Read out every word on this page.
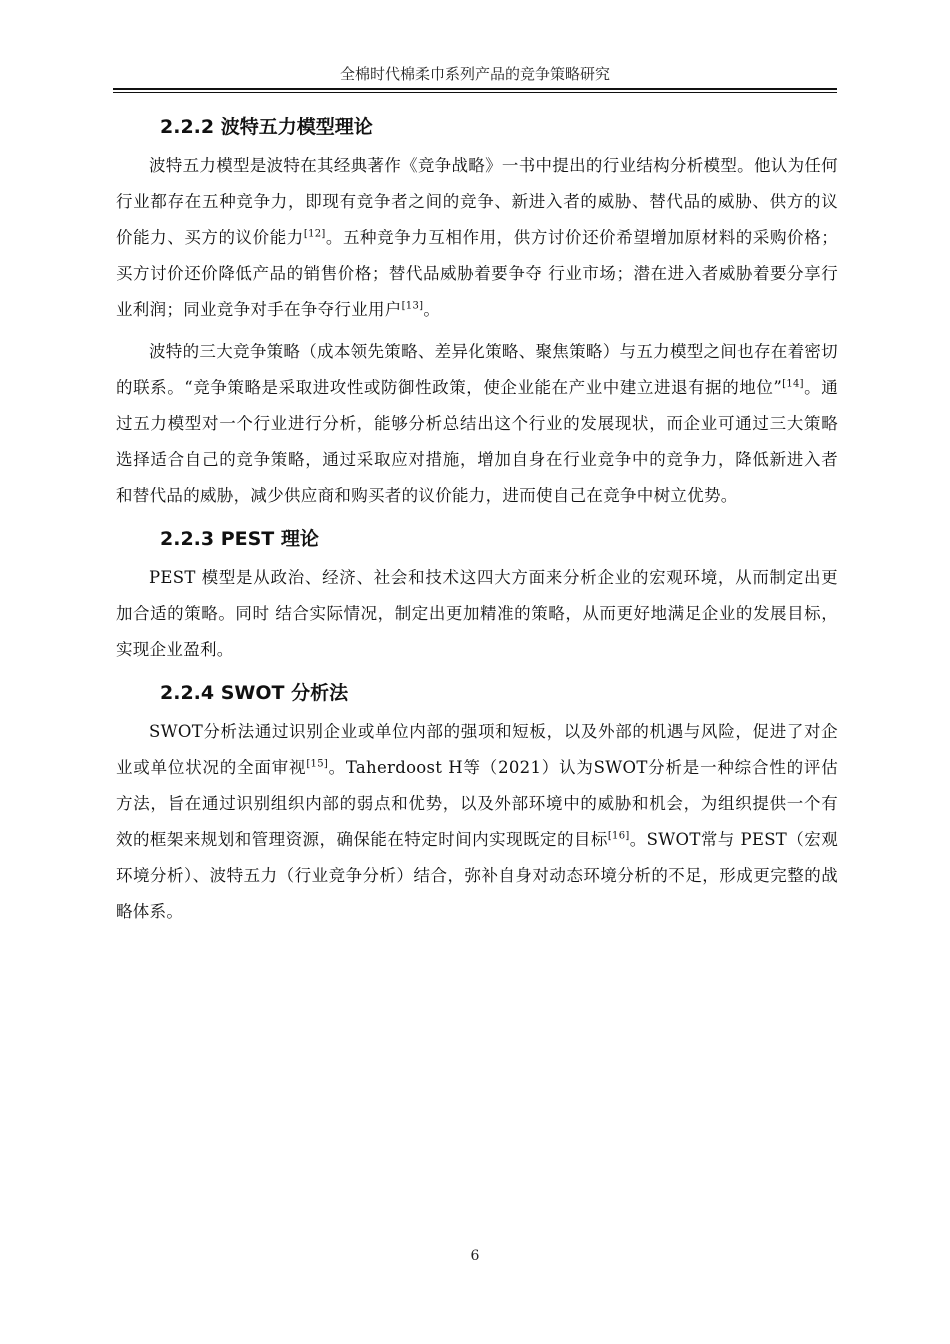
全棉时代棉柔巾系列产品的竞争策略研究
2.2.2 波特五力模型理论

波特五力模型是波特在其经典著作《竞争战略》一书中提出的行业结构分析模型。他认为任何行业都存在五种竞争力，即现有竞争者之间的竞争、新进入者的威胁、替代品的威胁、供方的议价能力、买方的议价能力[12]。五种竞争力互相作用，供方讨价还价希望增加原材料的采购价格；买方讨价还价降低产品的销售价格；替代品威胁着要争夺 行业市场；潜在进入者威胁着要分享行业利润；同业竞争对手在争夺行业用户[13]。

波特的三大竞争策略（成本领先策略、差异化策略、聚焦策略）与五力模型之间也存在着密切的联系。“竞争策略是采取进攻性或防御性政策，使企业能在产业中建立进退有据的地位”[14]。通过五力模型对一个行业进行分析，能够分析总结出这个行业的发展现状，而企业可通过三大策略选择适合自己的竞争策略，通过采取应对措施，增加自身在行业竞争中的竞争力，降低新进入者和替代品的威胁，减少供应商和购买者的议价能力，进而使自己在竞争中树立优势。

2.2.3 PEST 理论

PEST 模型是从政治、经济、社会和技术这四大方面来分析企业的宏观环境，从而制定出更加合适的策略。同时 结合实际情况，制定出更加精准的策略，从而更好地满足企业的发展目标，实现企业盈利。

2.2.4 SWOT 分析法

SWOT分析法通过识别企业或单位内部的强项和短板，以及外部的机遇与风险，促进了对企业或单位状况的全面审视[15]。Taherdoost H等（2021）认为SWOT分析是一种综合性的评估方法，旨在通过识别组织内部的弱点和优势，以及外部环境中的威胁和机会，为组织提供一个有效的框架来规划和管理资源，确保能在特定时间内实现既定的目标[16]。SWOT常与 PEST（宏观环境分析）、波特五力（行业竞争分析）结合，弥补自身对动态环境分析的不足，形成更完整的战略体系。

6
